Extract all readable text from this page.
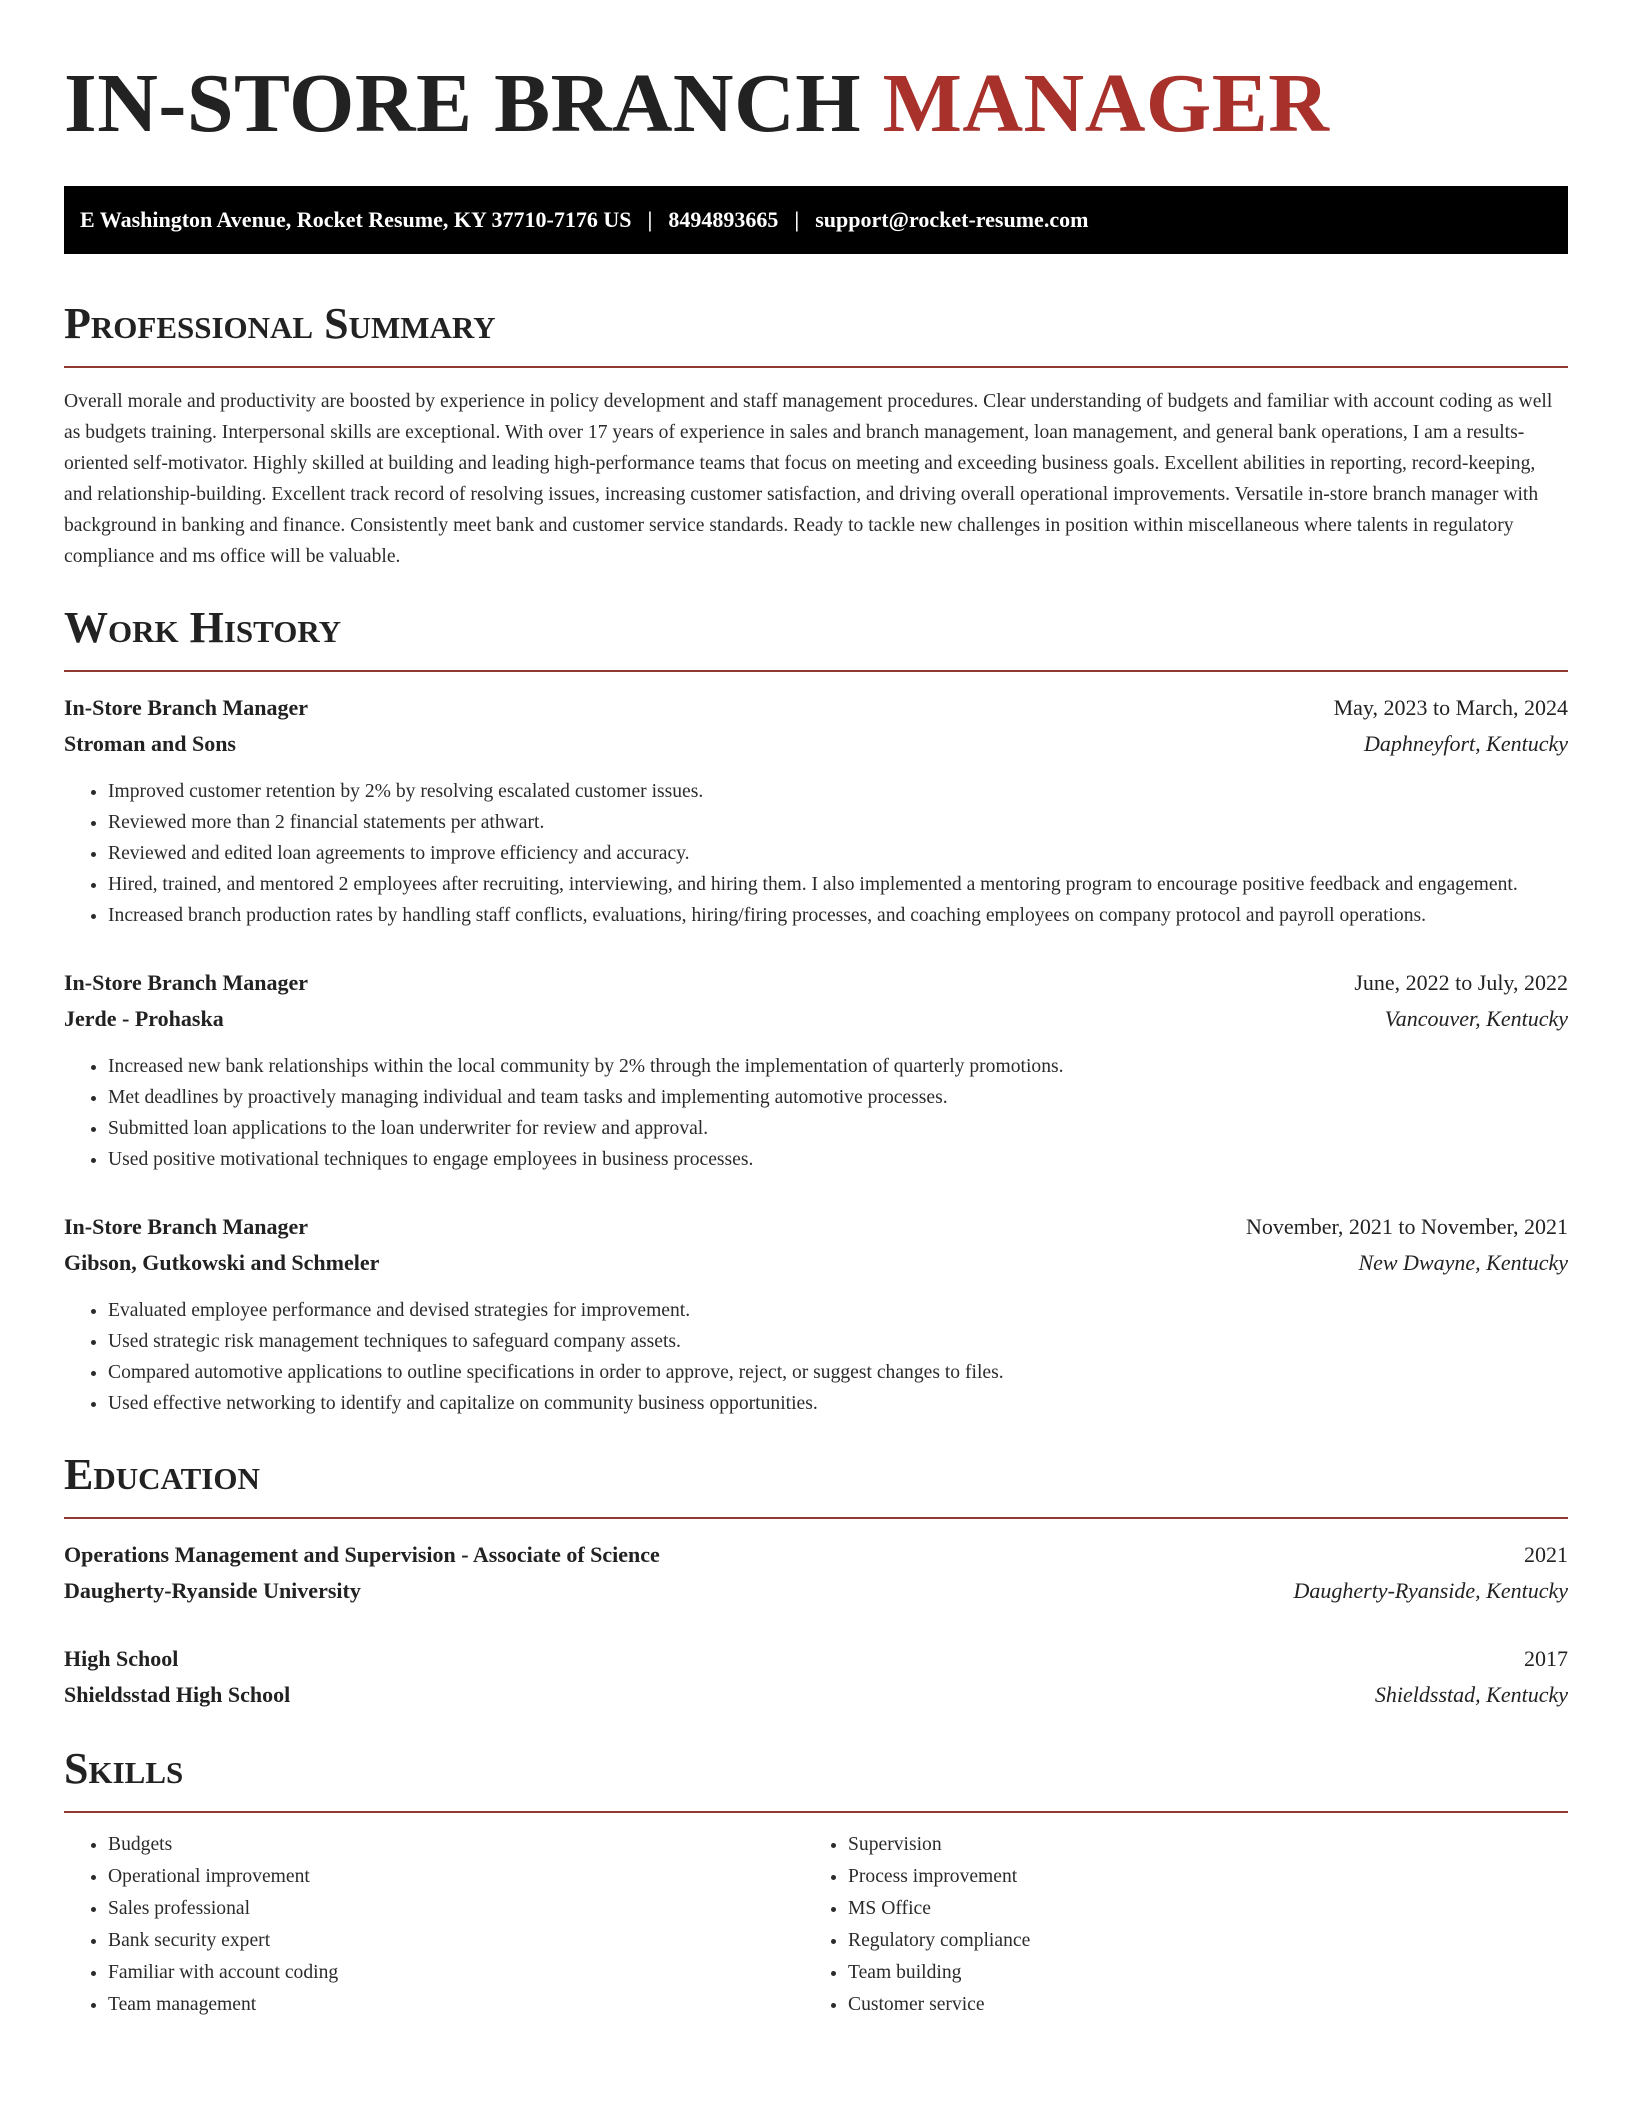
IN-STORE BRANCH MANAGER
E Washington Avenue, Rocket Resume, KY 37710-7176 US | 8494893665 | support@rocket-resume.com
Professional Summary

Overall morale and productivity are boosted by experience in policy development and staff management procedures. Clear understanding of budgets and familiar with account coding as well as budgets training. Interpersonal skills are exceptional. With over 17 years of experience in sales and branch management, loan management, and general bank operations, I am a results-oriented self-motivator. Highly skilled at building and leading high-performance teams that focus on meeting and exceeding business goals. Excellent abilities in reporting, record-keeping, and relationship-building. Excellent track record of resolving issues, increasing customer satisfaction, and driving overall operational improvements. Versatile in-store branch manager with background in banking and finance. Consistently meet bank and customer service standards. Ready to tackle new challenges in position within miscellaneous where talents in regulatory compliance and ms office will be valuable.

Work History
In-Store Branch Manager	May, 2023 to March, 2024
Stroman and Sons	Daphneyfort, Kentucky
• Improved customer retention by 2% by resolving escalated customer issues.
• Reviewed more than 2 financial statements per athwart.
• Reviewed and edited loan agreements to improve efficiency and accuracy.
• Hired, trained, and mentored 2 employees after recruiting, interviewing, and hiring them. I also implemented a mentoring program to encourage positive feedback and engagement.
• Increased branch production rates by handling staff conflicts, evaluations, hiring/firing processes, and coaching employees on company protocol and payroll operations.
In-Store Branch Manager	June, 2022 to July, 2022
Jerde - Prohaska	Vancouver, Kentucky
• Increased new bank relationships within the local community by 2% through the implementation of quarterly promotions.
• Met deadlines by proactively managing individual and team tasks and implementing automotive processes.
• Submitted loan applications to the loan underwriter for review and approval.
• Used positive motivational techniques to engage employees in business processes.
In-Store Branch Manager	November, 2021 to November, 2021
Gibson, Gutkowski and Schmeler	New Dwayne, Kentucky
• Evaluated employee performance and devised strategies for improvement.
• Used strategic risk management techniques to safeguard company assets.
• Compared automotive applications to outline specifications in order to approve, reject, or suggest changes to files.
• Used effective networking to identify and capitalize on community business opportunities.
Education
Operations Management and Supervision - Associate of Science	2021
Daugherty-Ryanside University	Daugherty-Ryanside, Kentucky
High School	2017
Shieldsstad High School	Shieldsstad, Kentucky
Skills
• Budgets
• Operational improvement
• Sales professional
• Bank security expert
• Familiar with account coding
• Team management
• Supervision
• Process improvement
• MS Office
• Regulatory compliance
• Team building
• Customer service
